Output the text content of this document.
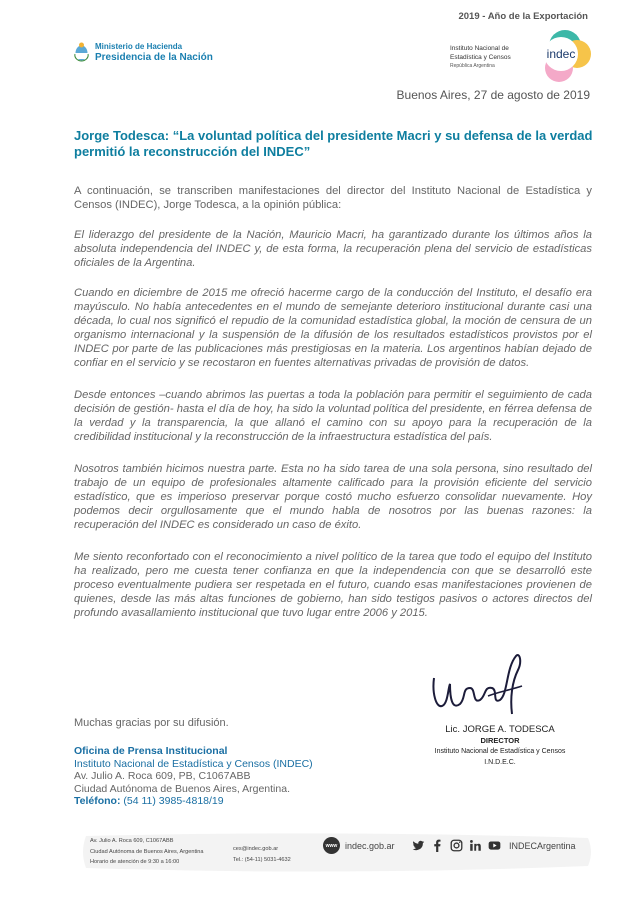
2019 - Año de la Exportación
Ministerio de Hacienda
Presidencia de la Nación
Instituto Nacional de
Estadística y Censos
República Argentina
indec
Buenos Aires, 27 de agosto de 2019
Jorge Todesca: “La voluntad política del presidente Macri y su defensa de la verdad permitió la reconstrucción del INDEC”
A continuación, se transcriben manifestaciones del director del Instituto Nacional de Estadística y Censos (INDEC), Jorge Todesca, a la opinión pública:
El liderazgo del presidente de la Nación, Mauricio Macri, ha garantizado durante los últimos años la absoluta independencia del INDEC y, de esta forma, la recuperación plena del servicio de estadísticas oficiales de la Argentina.
Cuando en diciembre de 2015 me ofreció hacerme cargo de la conducción del Instituto, el desafío era mayúsculo. No había antecedentes en el mundo de semejante deterioro institucional durante casi una década, lo cual nos significó el repudio de la comunidad estadística global, la moción de censura de un organismo internacional y la suspensión de la difusión de los resultados estadísticos provistos por el INDEC por parte de las publicaciones más prestigiosas en la materia. Los argentinos habían dejado de confiar en el servicio y se recostaron en fuentes alternativas privadas de provisión de datos.
Desde entonces –cuando abrimos las puertas a toda la población para permitir el seguimiento de cada decisión de gestión- hasta el día de hoy, ha sido la voluntad política del presidente, en férrea defensa de la verdad y la transparencia, la que allanó el camino con su apoyo para la recuperación de la credibilidad institucional y la reconstrucción de la infraestructura estadística del país.
Nosotros también hicimos nuestra parte. Esta no ha sido tarea de una sola persona, sino resultado del trabajo de un equipo de profesionales altamente calificado para la provisión eficiente del servicio estadístico, que es imperioso preservar porque costó mucho esfuerzo consolidar nuevamente. Hoy podemos decir orgullosamente que el mundo habla de nosotros por las buenas razones: la recuperación del INDEC es considerado un caso de éxito.
Me siento reconfortado con el reconocimiento a nivel político de la tarea que todo el equipo del Instituto ha realizado, pero me cuesta tener confianza en que la independencia con que se desarrolló este proceso eventualmente pudiera ser respetada en el futuro, cuando esas manifestaciones provienen de quienes, desde las más altas funciones de gobierno, han sido testigos pasivos o actores directos del profundo avasallamiento institucional que tuvo lugar entre 2006 y 2015.
Muchas gracias por su difusión.
Lic. JORGE A. TODESCA
DIRECTOR
Instituto Nacional de Estadística y Censos
I.N.D.E.C.
Oficina de Prensa Institucional
Instituto Nacional de Estadística y Censos (INDEC)
Av. Julio A. Roca 609, PB, C1067ABB
Ciudad Autónoma de Buenos Aires, Argentina.
Teléfono: (54 11) 3985-4818/19
Av. Julio A. Roca 609, C1067ABB
Ciudad Autónoma de Buenos Aires, Argentina
Horario de atención de 9:30 a 16:00
ces@indec.gob.ar
Tel.: (54-11) 5031-4632
www indec.gob.ar	INDECArgentina
